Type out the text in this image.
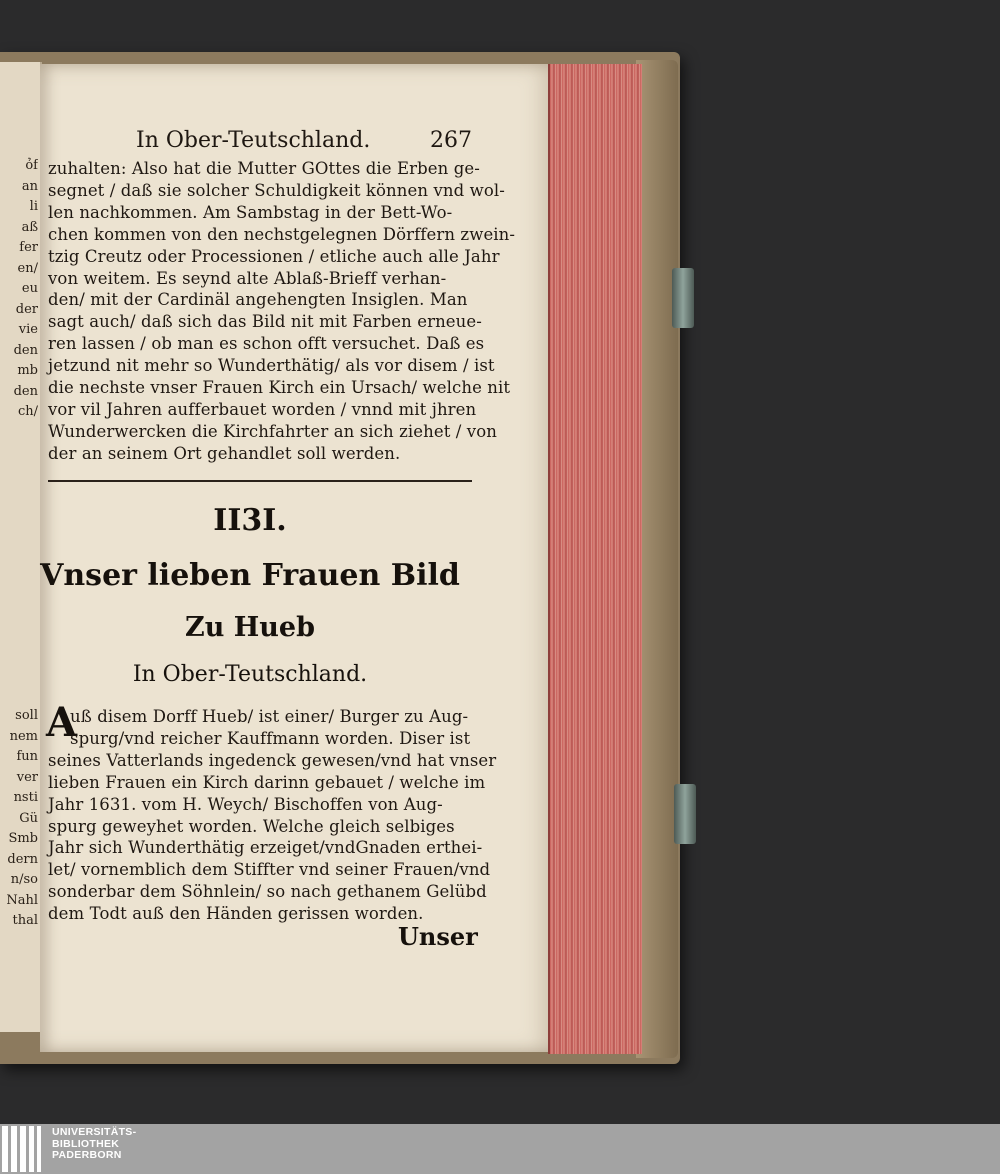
ỏf
an
li
aß
fer
en/
eu
der
vie
den
mb
den
ch/
soll
nem
fun
ver
nsti
Gü
Smb
dern
n/so
Nahl
thal
In Ober-Teutschland.	267

zuhalten: Also hat die Mutter GOttes die Erben ge-

segnet / daß sie solcher Schuldigkeit können vnd wol-

len nachkommen. Am Sambstag in der Bett-Wo-

chen kommen von den nechstgelegnen Dörffern zwein-

tzig Creutz oder Processionen / etliche auch alle Jahr

von weitem. Es seynd alte Ablaß-Brieff verhan-

den/ mit der Cardinäl angehengten Insiglen. Man

sagt auch/ daß sich das Bild nit mit Farben erneue-

ren lassen / ob man es schon offt versuchet. Daß es

jetzund nit mehr so Wunderthätig/ als vor disem / ist

die nechste vnser Frauen Kirch ein Ursach/ welche nit

vor vil Jahren aufferbauet worden / vnnd mit jhren

Wunderwercken die Kirchfahrter an sich ziehet / von

der an seinem Ort gehandlet soll werden.

II3I.
Vnser lieben Frauen Bild
Zu Hueb
In Ober-Teutschland.
A

uß disem Dorff Hueb/ ist einer/ Burger zu Aug-

spurg/vnd reicher Kauffmann worden. Diser ist

seines Vatterlands ingedenck gewesen/vnd hat vnser

lieben Frauen ein Kirch darinn gebauet / welche im

Jahr 1631. vom H. Weych/ Bischoffen von Aug-

spurg geweyhet worden. Welche gleich selbiges

Jahr sich Wunderthätig erzeiget/vndGnaden erthei-

let/ vornemblich dem Stiffter vnd seiner Frauen/vnd

sonderbar dem Söhnlein/ so nach gethanem Gelübd

dem Todt auß den Händen gerissen worden.

Unser
UNIVERSITÄTS-
BIBLIOTHEK
PADERBORN
